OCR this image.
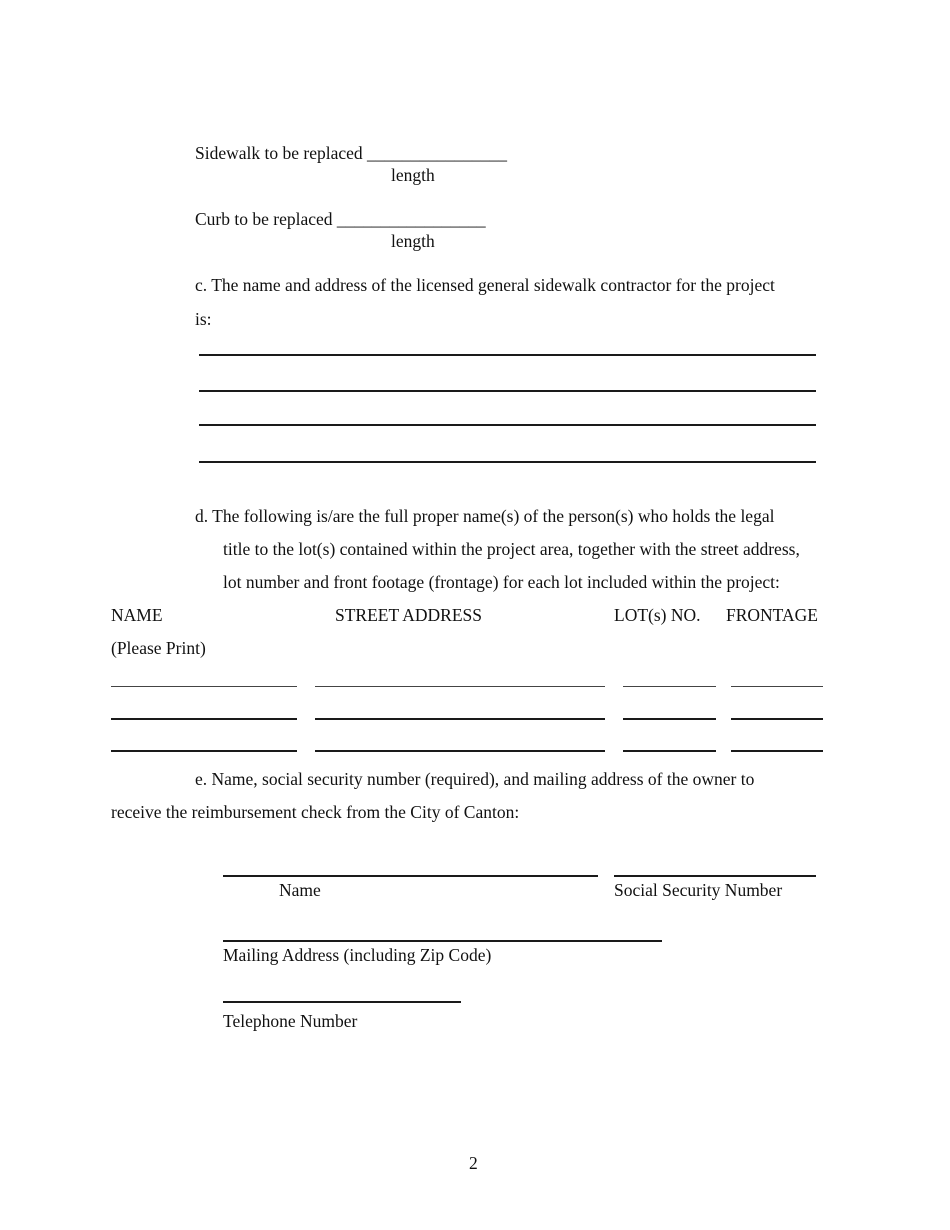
Sidewalk to be replaced ________________
length
Curb to be replaced _________________
length
c. The name and address of the licensed general sidewalk contractor for the project
is:
d. The following is/are the full proper name(s) of the person(s) who holds the legal
title to the lot(s) contained within the project area, together with the street address,
lot number and front footage (frontage) for each lot included within the project:
NAME	STREET ADDRESS	LOT(s) NO. FRONTAGE
(Please Print)
e. Name, social security number (required), and mailing address of the owner to
receive the reimbursement check from the City of Canton:
Name	Social Security Number
Mailing Address (including Zip Code)
Telephone Number
2
